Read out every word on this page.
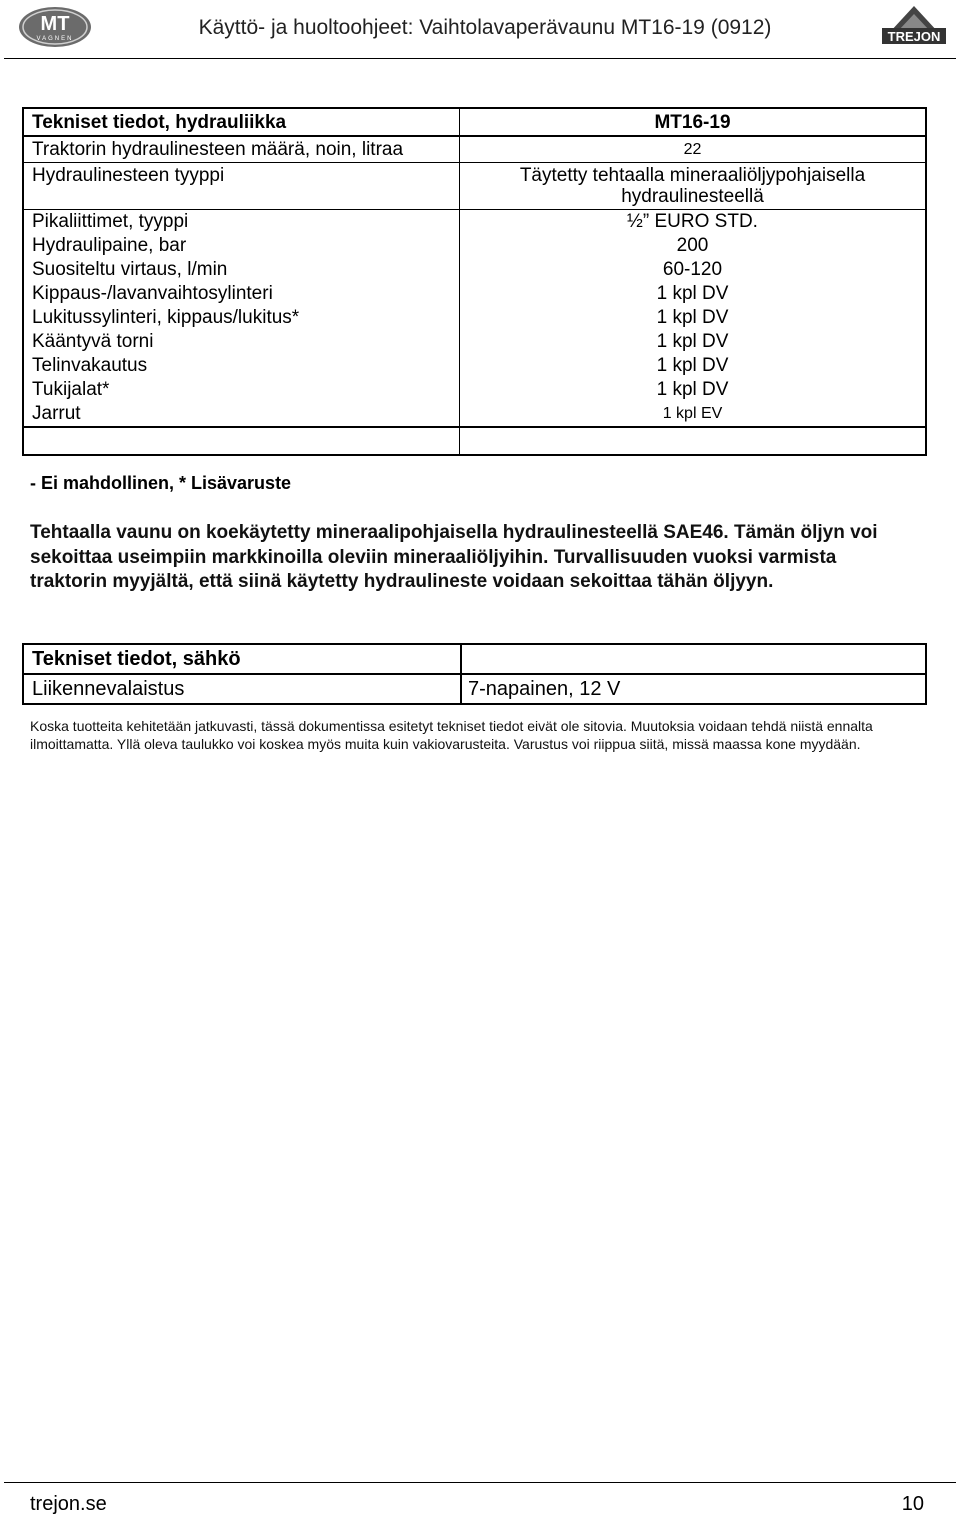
MT
VAGNEN	Käyttö- ja huoltoohjeet: Vaihtolavaperävaunu MT16-19 (0912)	TREJON
Tekniset tiedot, hydrauliikka	MT16-19
Traktorin hydraulinesteen määrä, noin, litraa	22
Hydraulinesteen tyyppi	Täytetty tehtaalla mineraaliöljypohjaisella hydraulinesteellä
Pikaliittimet, tyyppi	½” EURO STD.
Hydraulipaine, bar	200
Suositeltu virtaus, l/min	60-120
Kippaus-/lavanvaihtosylinteri	1 kpl DV
Lukitussylinteri, kippaus/lukitus*	1 kpl DV
Kääntyvä torni	1 kpl DV
Telinvakautus	1 kpl DV
Tukijalat*	1 kpl DV
Jarrut	1 kpl EV
- Ei mahdollinen, * Lisävaruste

Tehtaalla vaunu on koekäytetty mineraalipohjaisella hydraulinesteellä SAE46. Tämän öljyn voi sekoittaa useimpiin markkinoilla oleviin mineraaliöljyihin. Turvallisuuden vuoksi varmista traktorin myyjältä, että siinä käytetty hydraulineste voidaan sekoittaa tähän öljyyn.

Tekniset tiedot, sähkö
Liikennevalaistus	7-napainen, 12 V

Koska tuotteita kehitetään jatkuvasti, tässä dokumentissa esitetyt tekniset tiedot eivät ole sitovia. Muutoksia voidaan tehdä niistä ennalta ilmoittamatta. Yllä oleva taulukko voi koskea myös muita kuin vakiovarusteita. Varustus voi riippua siitä, missä maassa kone myydään.

trejon.se	10
